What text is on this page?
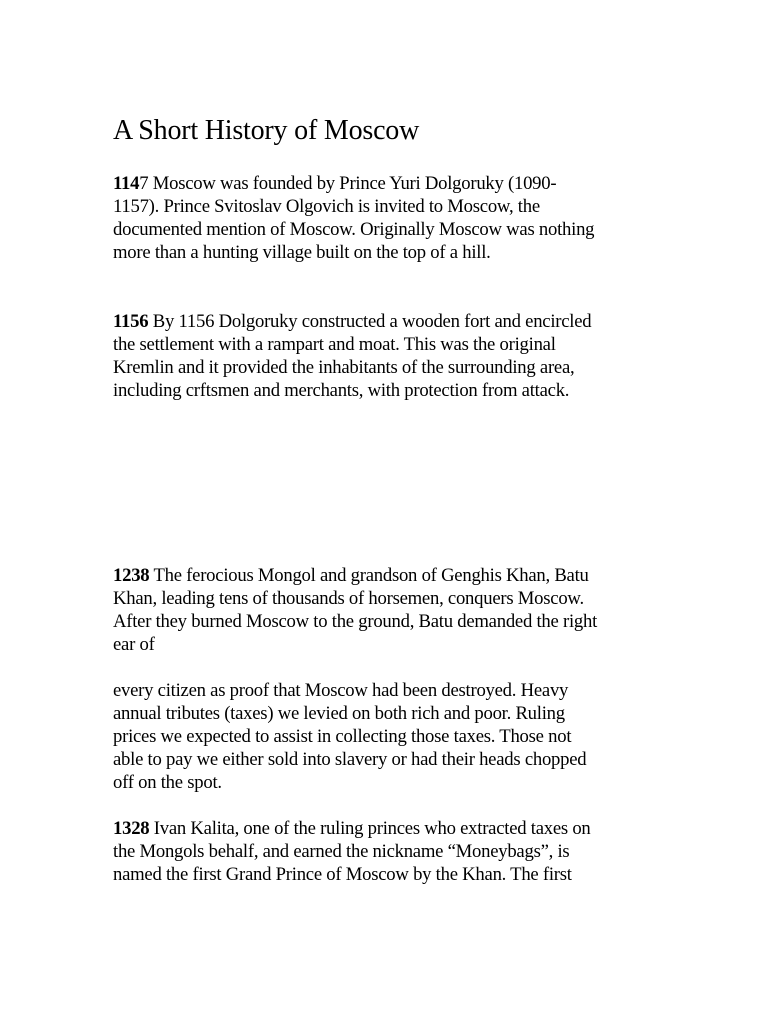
A Short History of Moscow

1147 Moscow was founded by Prince Yuri Dolgoruky (1090-
1157). Prince Svitoslav Olgovich is invited to Moscow, the
documented mention of Moscow. Originally Moscow was nothing
more than a hunting village built on the top of a hill.

1156 By 1156 Dolgoruky constructed a wooden fort and encircled
the settlement with a rampart and moat. This was the original
Kremlin and it provided the inhabitants of the surrounding area,
including crftsmen and merchants, with protection from attack.

1238 The ferocious Mongol and grandson of Genghis Khan, Batu
Khan, leading tens of thousands of horsemen, conquers Moscow.
After they burned Moscow to the ground, Batu demanded the right
ear of

every citizen as proof that Moscow had been destroyed. Heavy
annual tributes (taxes) we levied on both rich and poor. Ruling
prices we expected to assist in collecting those taxes. Those not
able to pay we either sold into slavery or had their heads chopped
off on the spot.

1328 Ivan Kalita, one of the ruling princes who extracted taxes on
the Mongols behalf, and earned the nickname “Moneybags”, is
named the first Grand Prince of Moscow by the Khan. The first
